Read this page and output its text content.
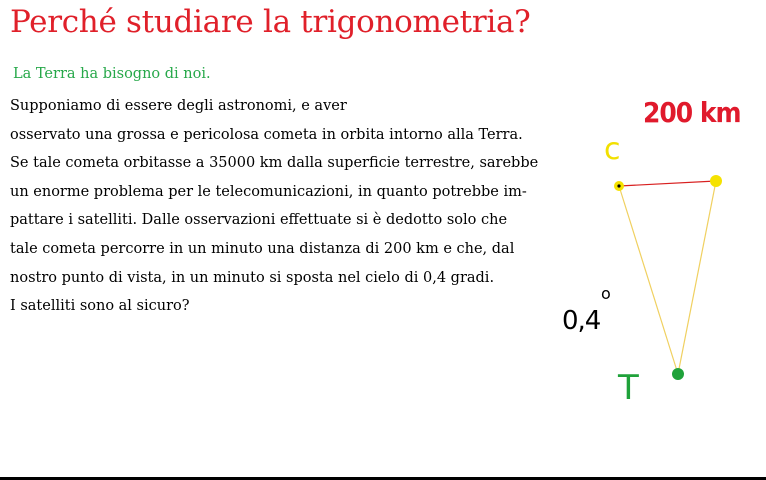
Perché studiare la trigonometria?
La Terra ha bisogno di noi.
Supponiamo di essere degli astronomi, e aver
osservato una grossa e pericolosa cometa in orbita intorno alla Terra.
Se tale cometa orbitasse a 35000 km dalla superficie terrestre, sarebbe
un enorme problema per le telecomunicazioni, in quanto potrebbe im-
pattare i satelliti. Dalle osservazioni effettuate si è dedotto solo che
tale cometa percorre in un minuto una distanza di 200 km e che, dal
nostro punto di vista, in un minuto si sposta nel cielo di 0,4 gradi.
I satelliti sono al sicuro?
200 km
c
0,4
o
T
